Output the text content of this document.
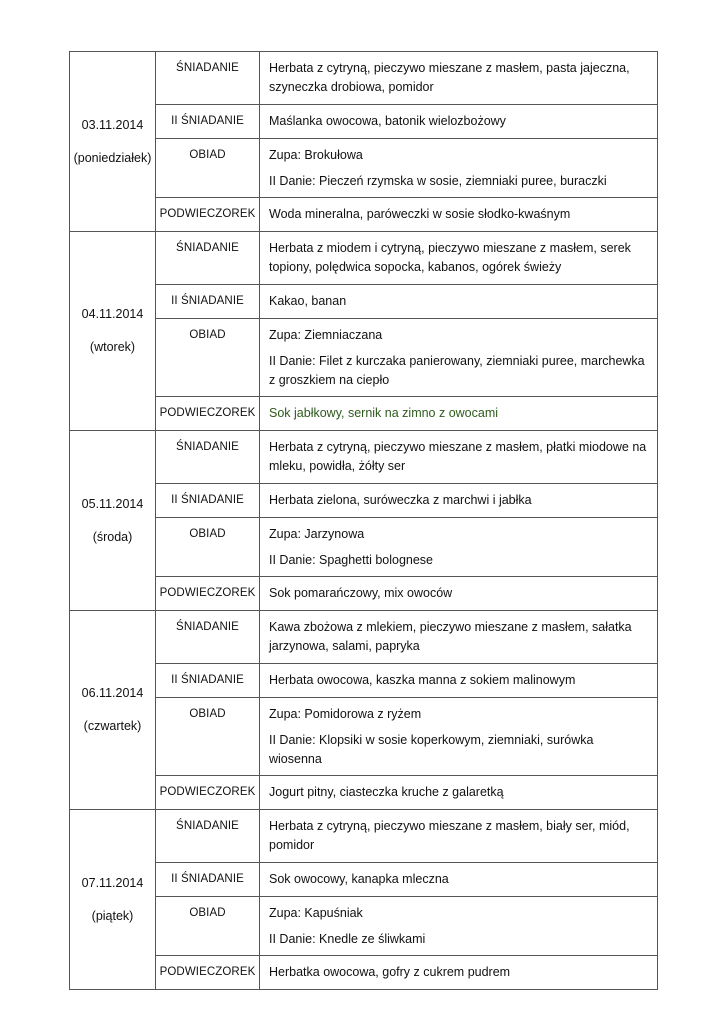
03.11.2014
(poniedziałek)	ŚNIADANIE	Herbata z cytryną, pieczywo mieszane z masłem, pasta jajeczna,
szyneczka drobiowa, pomidor

	II ŚNIADANIE	Maślanka owocowa, batonik wielozbożowy

	OBIAD	Zupa: Brokułowa
II Danie: Pieczeń rzymska w sosie, ziemniaki puree, buraczki

	PODWIECZOREK	Woda mineralna, paróweczki w sosie słodko-kwaśnym

04.11.2014
(wtorek)	ŚNIADANIE	Herbata z miodem i cytryną, pieczywo mieszane z masłem, serek
topiony, polędwica sopocka, kabanos, ogórek świeży

	II ŚNIADANIE	Kakao, banan

	OBIAD	Zupa: Ziemniaczana
II Danie: Filet z kurczaka panierowany, ziemniaki puree, marchewka
z groszkiem na ciepło

	PODWIECZOREK	Sok jabłkowy, sernik na zimno z owocami

05.11.2014
(środa)	ŚNIADANIE	Herbata z cytryną, pieczywo mieszane z masłem, płatki miodowe na
mleku, powidła, żółty ser

	II ŚNIADANIE	Herbata zielona, suróweczka z marchwi i jabłka

	OBIAD	Zupa: Jarzynowa
II Danie: Spaghetti bolognese

	PODWIECZOREK	Sok pomarańczowy, mix owoców

06.11.2014
(czwartek)	ŚNIADANIE	Kawa zbożowa z mlekiem, pieczywo mieszane z masłem, sałatka
jarzynowa, salami, papryka

	II ŚNIADANIE	Herbata owocowa, kaszka manna z sokiem malinowym

	OBIAD	Zupa: Pomidorowa z ryżem
II Danie: Klopsiki w sosie koperkowym, ziemniaki, surówka wiosenna

	PODWIECZOREK	Jogurt pitny, ciasteczka kruche z galaretką

07.11.2014
(piątek)	ŚNIADANIE	Herbata z cytryną, pieczywo mieszane z masłem, biały ser, miód,
pomidor

	II ŚNIADANIE	Sok owocowy, kanapka mleczna

	OBIAD	Zupa: Kapuśniak
II Danie: Knedle ze śliwkami

	PODWIECZOREK	Herbatka owocowa, gofry z cukrem pudrem
